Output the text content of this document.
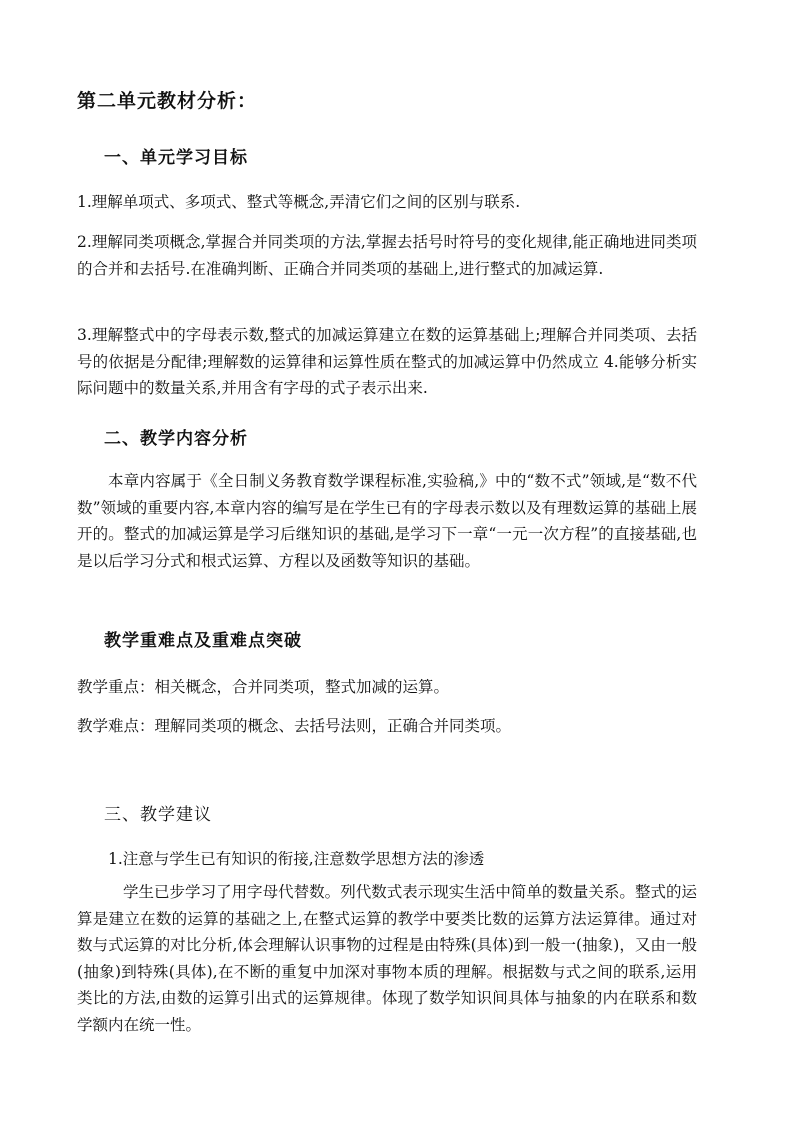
第二单元教材分析：
一、单元学习目标
1.理解单项式、多项式、整式等概念,弄清它们之间的区别与联系.
2.理解同类项概念,掌握合并同类项的方法,掌握去括号时符号的变化规律,能正确地进同类项的合并和去括号.在准确判断、正确合并同类项的基础上,进行整式的加减运算.
3.理解整式中的字母表示数,整式的加减运算建立在数的运算基础上;理解合并同类项、去括号的依据是分配律;理解数的运算律和运算性质在整式的加减运算中仍然成立 4.能够分析实际问题中的数量关系,并用含有字母的式子表示出来.
二、教学内容分析
本章内容属于《全日制义务教育数学课程标准,实验稿,》中的“数不式”领域,是“数不代数”领域的重要内容,本章内容的编写是在学生已有的字母表示数以及有理数运算的基础上展开的。整式的加减运算是学习后继知识的基础,是学习下一章“一元一次方程”的直接基础,也是以后学习分式和根式运算、方程以及函数等知识的基础。
教学重难点及重难点突破
教学重点：相关概念，合并同类项，整式加减的运算。
教学难点：理解同类项的概念、去括号法则，正确合并同类项。
三、教学建议
1.注意与学生已有知识的衔接,注意数学思想方法的渗透
学生已步学习了用字母代替数。列代数式表示现实生活中简单的数量关系。整式的运算是建立在数的运算的基础之上,在整式运算的教学中要类比数的运算方法运算律。通过对数与式运算的对比分析,体会理解认识事物的过程是由特殊(具体)到一般一(抽象)，又由一般(抽象)到特殊(具体),在不断的重复中加深对事物本质的理解。根据数与式之间的联系,运用类比的方法,由数的运算引出式的运算规律。体现了数学知识间具体与抽象的内在联系和数学额内在统一性。
